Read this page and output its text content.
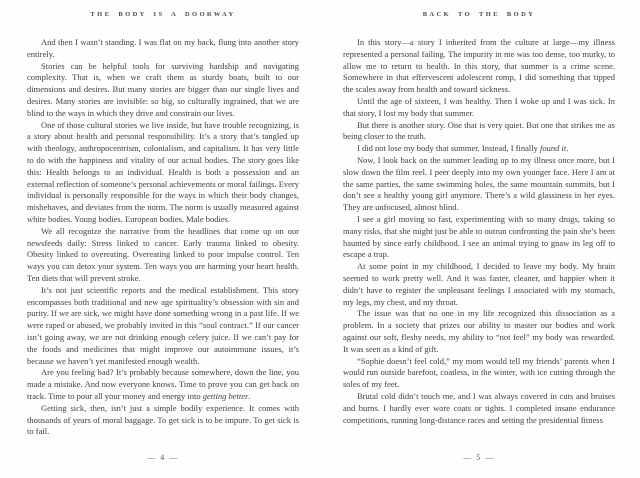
THE BODY IS A DOORWAY

And then I wasn’t standing. I was flat on my back, flung into another story entirely.

Stories can be helpful tools for surviving hardship and navigating complexity. That is, when we craft them as sturdy boats, built to our dimensions and desires. But many stories are bigger than our single lives and desires. Many stories are invisible: so big, so culturally ingrained, that we are blind to the ways in which they drive and constrain our lives.

One of those cultural stories we live inside, but have trouble recognizing, is a story about health and personal responsibility. It’s a story that’s tangled up with theology, anthropocentrism, colonialism, and capitalism. It has very little to do with the happiness and vitality of our actual bodies. The story goes like this: Health belongs to an individual. Health is both a possession and an external reflection of someone’s personal achievements or moral failings. Every individual is personally responsible for the ways in which their body changes, misbehaves, and deviates from the norm. The norm is usually measured against white bodies. Young bodies. European bodies. Male bodies.

We all recognize the narrative from the headlines that come up on our newsfeeds daily: Stress linked to cancer. Early trauma linked to obesity. Obesity linked to overeating. Overeating linked to poor impulse control. Ten ways you can detox your system. Ten ways you are harming your heart health. Ten diets that will prevent stroke.

It’s not just scientific reports and the medical establishment. This story encompasses both traditional and new age spirituality’s obsession with sin and purity. If we are sick, we might have done something wrong in a past life. If we were raped or abused, we probably invited in this “soul contract.” If our cancer isn’t going away, we are not drinking enough celery juice. If we can’t pay for the foods and medicines that might improve our autoimmune issues, it’s because we haven’t yet manifested enough wealth.

Are you feeling bad? It’s probably because somewhere, down the line, you made a mistake. And now everyone knows. Time to prove you can get back on track. Time to pour all your money and energy into getting better.

Getting sick, then, isn’t just a simple bodily experience. It comes with thousands of years of moral baggage. To get sick is to be impure. To get sick is to fail.

— 4 —
BACK TO THE BODY

In this story—a story I inherited from the culture at large—my illness represented a personal failing. The impurity in me was too dense, too murky, to allow me to return to health. In this story, that summer is a crime scene. Somewhere in that effervescent adolescent romp, I did something that tipped the scales away from health and toward sickness.

Until the age of sixteen, I was healthy. Then I woke up and I was sick. In that story, I lost my body that summer.

But there is another story. One that is very quiet. But one that strikes me as being closer to the truth.

I did not lose my body that summer. Instead, I finally found it.

Now, I look back on the summer leading up to my illness once more, but I slow down the film reel. I peer deeply into my own younger face. Here I am at the same parties, the same swimming holes, the same mountain summits, but I don’t see a healthy young girl anymore. There’s a wild glassiness in her eyes. They are unfocused, almost blind.

I see a girl moving so fast, experimenting with so many drugs, taking so many risks, that she might just be able to outrun confronting the pain she’s been haunted by since early childhood. I see an animal trying to gnaw its leg off to escape a trap.

At some point in my childhood, I decided to leave my body. My brain seemed to work pretty well. And it was faster, cleaner, and happier when it didn’t have to register the unpleasant feelings I associated with my stomach, my legs, my chest, and my throat.

The issue was that no one in my life recognized this dissociation as a problem. In a society that prizes our ability to master our bodies and work against our soft, fleshy needs, my ability to “not feel” my body was rewarded. It was seen as a kind of gift.

“Sophie doesn’t feel cold,” my mom would tell my friends’ parents when I would run outside barefoot, coatless, in the winter, with ice cutting through the soles of my feet.

Brutal cold didn’t touch me, and I was always covered in cuts and bruises and burns. I hardly ever wore coats or tights. I completed insane endurance competitions, running long-distance races and setting the presidential fitness

— 5 —
